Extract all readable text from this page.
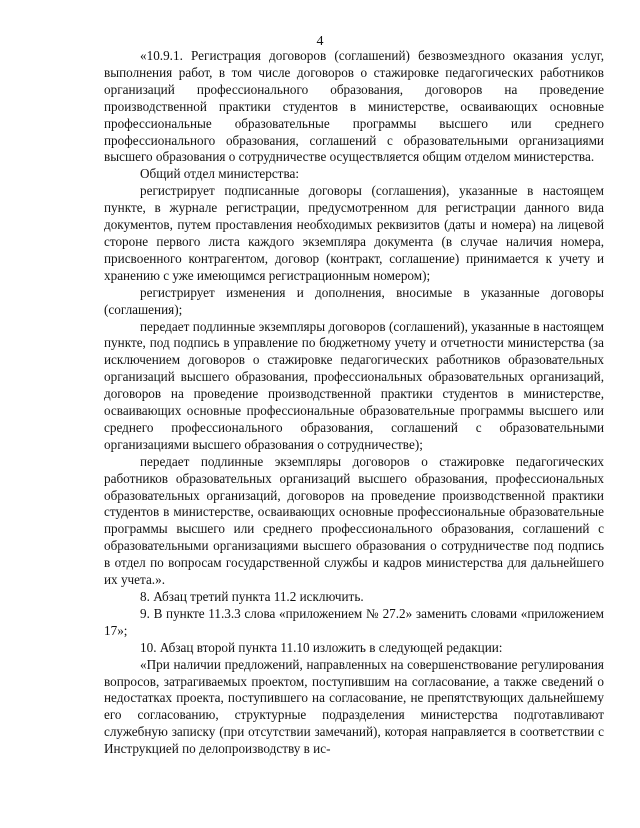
4

«10.9.1. Регистрация договоров (соглашений) безвозмездного оказания услуг, выполнения работ, в том числе договоров о стажировке педагогических работников организаций профессионального образования, договоров на проведение производственной практики студентов в министерстве, осваивающих основные профессиональные образовательные программы высшего или среднего профессионального образования, соглашений с образовательными организациями высшего образования о сотрудничестве осуществляется общим отделом министерства.

Общий отдел министерства:

регистрирует подписанные договоры (соглашения), указанные в настоящем пункте, в журнале регистрации, предусмотренном для регистрации данного вида документов, путем проставления необходимых реквизитов (даты и номера) на лицевой стороне первого листа каждого экземпляра документа (в случае наличия номера, присвоенного контрагентом, договор (контракт, соглашение) принимается к учету и хранению с уже имеющимся регистрационным номером);

регистрирует изменения и дополнения, вносимые в указанные договоры (соглашения);

передает подлинные экземпляры договоров (соглашений), указанные в настоящем пункте, под подпись в управление по бюджетному учету и отчетности министерства (за исключением договоров о стажировке педагогических работников образовательных организаций высшего образования, профессиональных образовательных организаций, договоров на проведение производственной практики студентов в министерстве, осваивающих основные профессиональные образовательные программы высшего или среднего профессионального образования, соглашений с образовательными организациями высшего образования о сотрудничестве);

передает подлинные экземпляры договоров о стажировке педагогических работников образовательных организаций высшего образования, профессиональных образовательных организаций, договоров на проведение производственной практики студентов в министерстве, осваивающих основные профессиональные образовательные программы высшего или среднего профессионального образования, соглашений с образовательными организациями высшего образования о сотрудничестве под подпись в отдел по вопросам государственной службы и кадров министерства для дальнейшего их учета.».

8. Абзац третий пункта 11.2 исключить.

9. В пункте 11.3.3 слова «приложением № 27.2» заменить словами «приложением 17»;

10. Абзац второй пункта 11.10 изложить в следующей редакции:

«При наличии предложений, направленных на совершенствование регулирования вопросов, затрагиваемых проектом, поступившим на согласование, а также сведений о недостатках проекта, поступившего на согласование, не препятствующих дальнейшему его согласованию, структурные подразделения министерства подготавливают служебную записку (при отсутствии замечаний), которая направляется в соответствии с Инструкцией по делопроизводству в ис-
